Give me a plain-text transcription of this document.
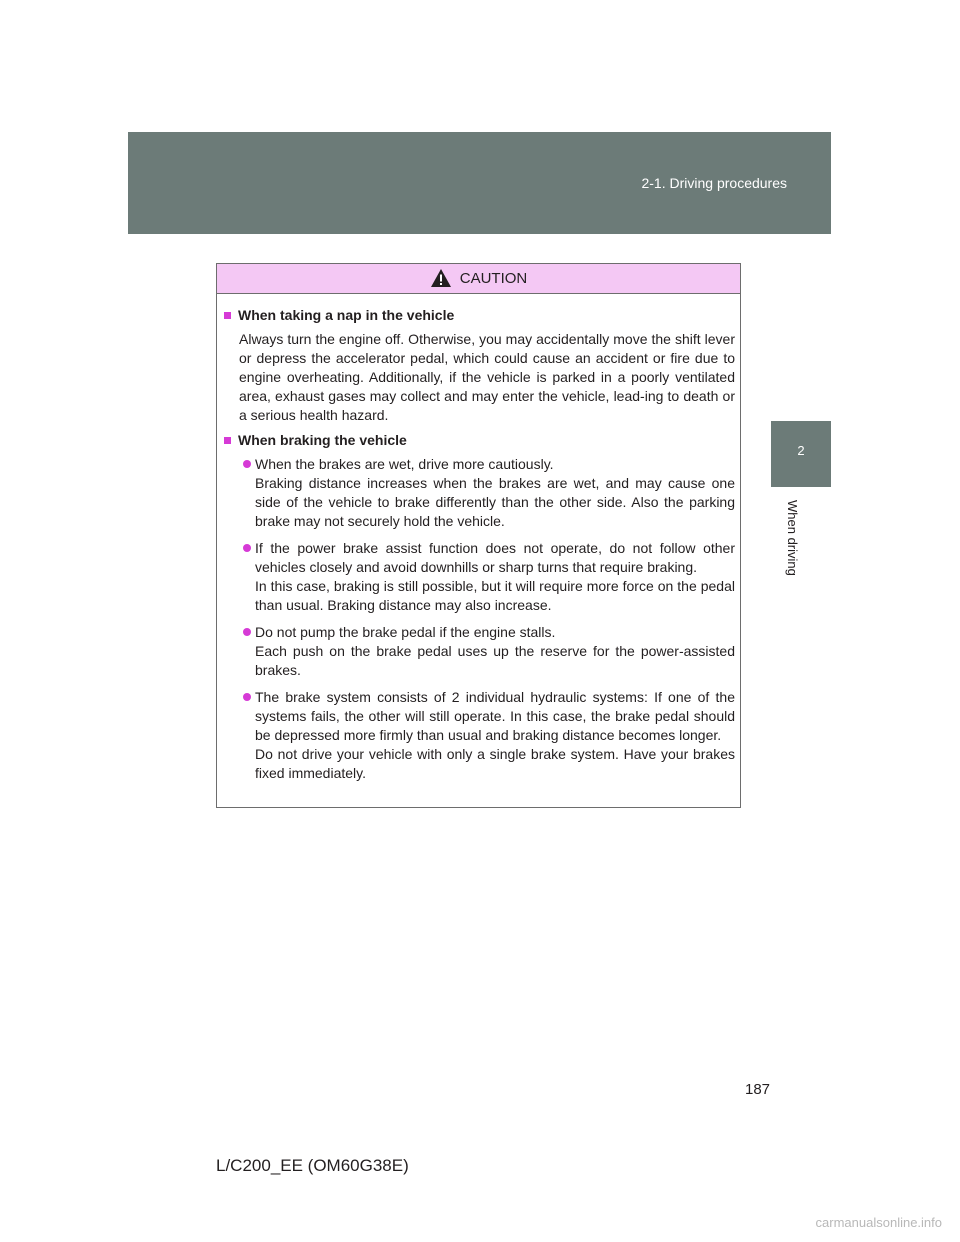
2-1. Driving procedures
2
When driving
CAUTION
When taking a nap in the vehicle
Always turn the engine off. Otherwise, you may accidentally move the shift lever or depress the accelerator pedal, which could cause an accident or fire due to engine overheating. Additionally, if the vehicle is parked in a poorly ventilated area, exhaust gases may collect and may enter the vehicle, lead-ing to death or a serious health hazard.
When braking the vehicle
When the brakes are wet, drive more cautiously.
Braking distance increases when the brakes are wet, and may cause one side of the vehicle to brake differently than the other side. Also the parking brake may not securely hold the vehicle.
If the power brake assist function does not operate, do not follow other vehicles closely and avoid downhills or sharp turns that require braking.
In this case, braking is still possible, but it will require more force on the pedal than usual. Braking distance may also increase.
Do not pump the brake pedal if the engine stalls.
Each push on the brake pedal uses up the reserve for the power-assisted brakes.
The brake system consists of 2 individual hydraulic systems: If one of the systems fails, the other will still operate. In this case, the brake pedal should be depressed more firmly than usual and braking distance becomes longer.
Do not drive your vehicle with only a single brake system. Have your brakes fixed immediately.
187
L/C200_EE (OM60G38E)
carmanualsonline.info
